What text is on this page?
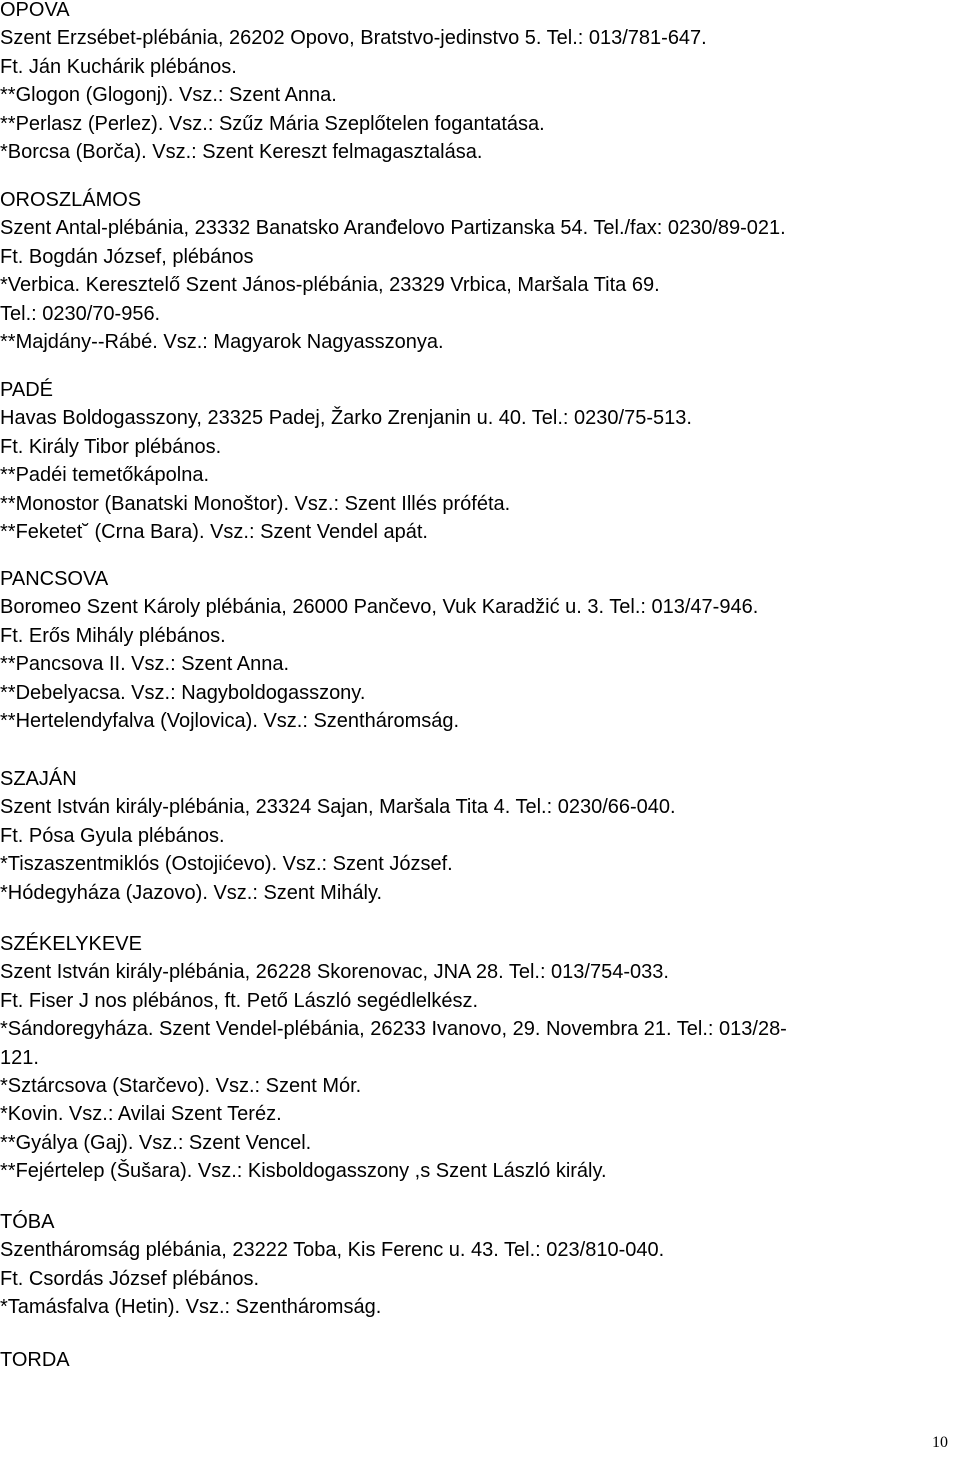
OPOVA
Szent Erzsébet-plébánia, 26202 Opovo, Bratstvo-jedinstvo 5. Tel.: 013/781-647.
Ft. Ján Kuchárik plébános.
**Glogon (Glogonj). Vsz.: Szent Anna.
**Perlasz (Perlez). Vsz.: Szűz Mária Szeplőtelen fogantatása.
*Borcsa (Borča). Vsz.: Szent Kereszt felmagasztalása.
OROSZLÁMOS
Szent Antal-plébánia, 23332 Banatsko Aranđelovo Partizanska 54. Tel./fax: 0230/89-021.
Ft. Bogdán József, plébános
*Verbica. Keresztelő Szent János-plébánia, 23329 Vrbica, Maršala Tita 69.
Tel.: 0230/70-956.
**Majdány--Rábé. Vsz.: Magyarok Nagyasszonya.
PADÉ
Havas Boldogasszony, 23325 Padej, Žarko Zrenjanin u. 40. Tel.: 0230/75-513.
Ft. Király Tibor plébános.
**Padéi temetőkápolna.
**Monostor (Banatski Monoštor). Vsz.: Szent Illés próféta.
**Feketet˘ (Crna Bara). Vsz.: Szent Vendel apát.
PANCSOVA
Boromeo Szent Károly plébánia, 26000 Pančevo, Vuk Karadžić u. 3. Tel.: 013/47-946.
Ft. Erős Mihály plébános.
**Pancsova II. Vsz.: Szent Anna.
**Debelyacsa. Vsz.: Nagyboldogasszony.
**Hertelendyfalva (Vojlovica). Vsz.: Szentháromság.
SZAJÁN
Szent István király-plébánia, 23324 Sajan, Maršala Tita 4. Tel.: 0230/66-040.
Ft. Pósa Gyula plébános.
*Tiszaszentmiklós (Ostojićevo). Vsz.: Szent József.
*Hódegyháza (Jazovo). Vsz.: Szent Mihály.
SZÉKELYKEVE
Szent István király-plébánia, 26228 Skorenovac, JNA 28. Tel.: 013/754-033.
Ft. Fiser J nos plébános, ft. Pető László segédlelkész.
*Sándoregyháza. Szent Vendel-plébánia, 26233 Ivanovo, 29. Novembra 21. Tel.: 013/28-
121.
*Sztárcsova (Starčevo). Vsz.: Szent Mór.
*Kovin. Vsz.: Avilai Szent Teréz.
**Gyálya (Gaj). Vsz.: Szent Vencel.
**Fejértelep (Šušara). Vsz.: Kisboldogasszony ,s Szent László király.
TÓBA
Szentháromság plébánia, 23222 Toba, Kis Ferenc u. 43. Tel.: 023/810-040.
Ft. Csordás József plébános.
*Tamásfalva (Hetin). Vsz.: Szentháromság.
TORDA
10
